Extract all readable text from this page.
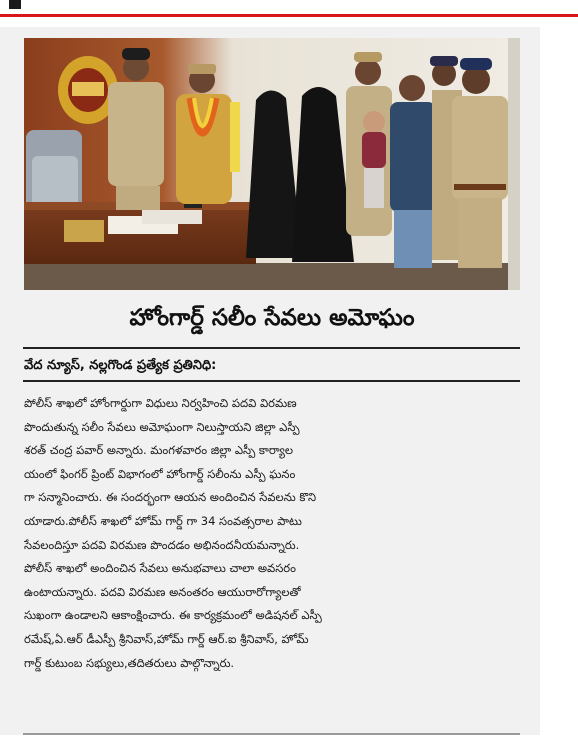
హోంగార్డ్ సలీం సేవలు అమోఘం
వేద న్యూస్, నల్లగొండ ప్రత్యేక ప్రతినిధి:
పోలీస్ శాఖలో హోంగార్డుగా విధులు నిర్వహించి పదవి విరమణ
పొందుతున్న సలీం సేవలు అమోఘంగా నిలుస్తాయని జిల్లా ఎస్పీ
శరత్ చంద్ర పవార్ అన్నారు. మంగళవారం జిల్లా ఎస్పీ కార్యాల
యంలో ఫింగర్ ప్రింట్ విభాగంలో హోంగార్డ్ సలీంను ఎస్పీ ఘనం
గా సన్మానించారు. ఈ సందర్భంగా ఆయన అందించిన సేవలను కొని
యాడారు.పోలీస్ శాఖలో హోమ్ గార్డ్ గా 34 సంవత్సరాల పాటు
సేవలందిస్తూ పదవి విరమణ పొందడం అభినందనీయమన్నారు.
పోలీస్ శాఖలో అందించిన సేవలు అనుభవాలు చాలా అవసరం
ఉంటాయన్నారు. పదవి విరమణ అనంతరం ఆయురారోగ్యాలతో
సుఖంగా ఉండాలని ఆకాంక్షించారు. ఈ కార్యక్రమంలో అడిషనల్ ఎస్పీ
రమేష్,ఏ.ఆర్ డీఎస్పీ శ్రీనివాస్,హోమ్ గార్డ్ ఆర్.ఐ శ్రీనివాస్, హోమ్
గార్డ్ కుటుంబ సభ్యులు,తదితరులు పాల్గొన్నారు.
